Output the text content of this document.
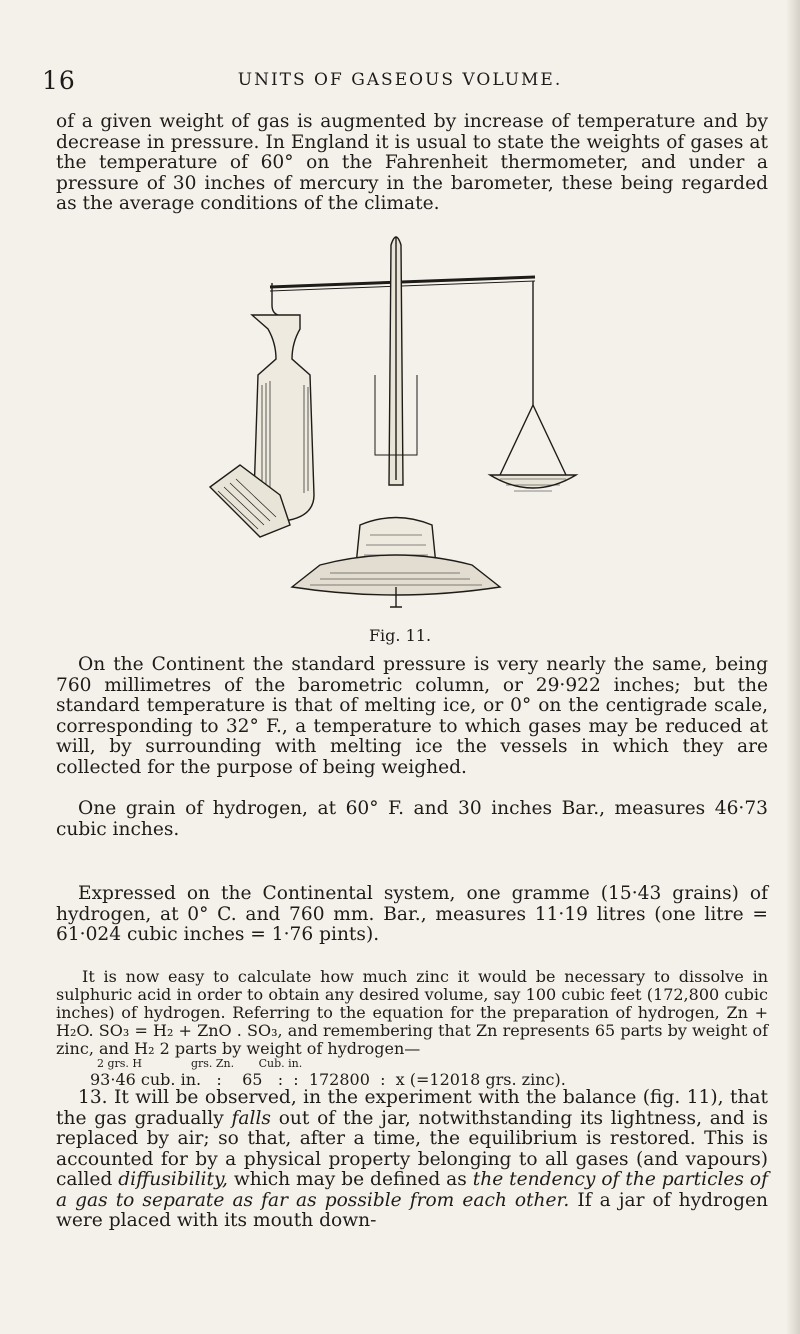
16	UNITS OF GASEOUS VOLUME.
of a given weight of gas is augmented by increase of temperature and by decrease in pressure. In England it is usual to state the weights of gases at the temperature of 60° on the Fahrenheit thermometer, and under a pressure of 30 inches of mercury in the barometer, these being regarded as the average conditions of the climate.
Fig. 11.
On the Continent the standard pressure is very nearly the same, being 760 millimetres of the barometric column, or 29·922 inches; but the standard temperature is that of melting ice, or 0° on the centigrade scale, corresponding to 32° F., a temperature to which gases may be reduced at will, by surrounding with melting ice the vessels in which they are collected for the purpose of being weighed.
One grain of hydrogen, at 60° F. and 30 inches Bar., measures 46·73 cubic inches.
Expressed on the Continental system, one gramme (15·43 grains) of hydrogen, at 0° C. and 760 mm. Bar., measures 11·19 litres (one litre = 61·024 cubic inches = 1·76 pints).
It is now easy to calculate how much zinc it would be necessary to dissolve in sulphuric acid in order to obtain any desired volume, say 100 cubic feet (172,800 cubic inches) of hydrogen. Referring to the equation for the preparation of hydrogen, Zn + H₂O. SO₃ = H₂ + ZnO . SO₃, and remembering that Zn represents 65 parts by weight of zinc, and H₂ 2 parts by weight of hydrogen—
2 grs. H              grs. Zn.       Cub. in.
93·46 cub. in.   :    65   :  :  172800  :  x (=12018 grs. zinc).
13. It will be observed, in the experiment with the balance (fig. 11), that the gas gradually falls out of the jar, notwithstanding its lightness, and is replaced by air; so that, after a time, the equilibrium is restored. This is accounted for by a physical property belonging to all gases (and vapours) called diffusibility, which may be defined as the tendency of the particles of a gas to separate as far as possible from each other. If a jar of hydrogen were placed with its mouth down-
